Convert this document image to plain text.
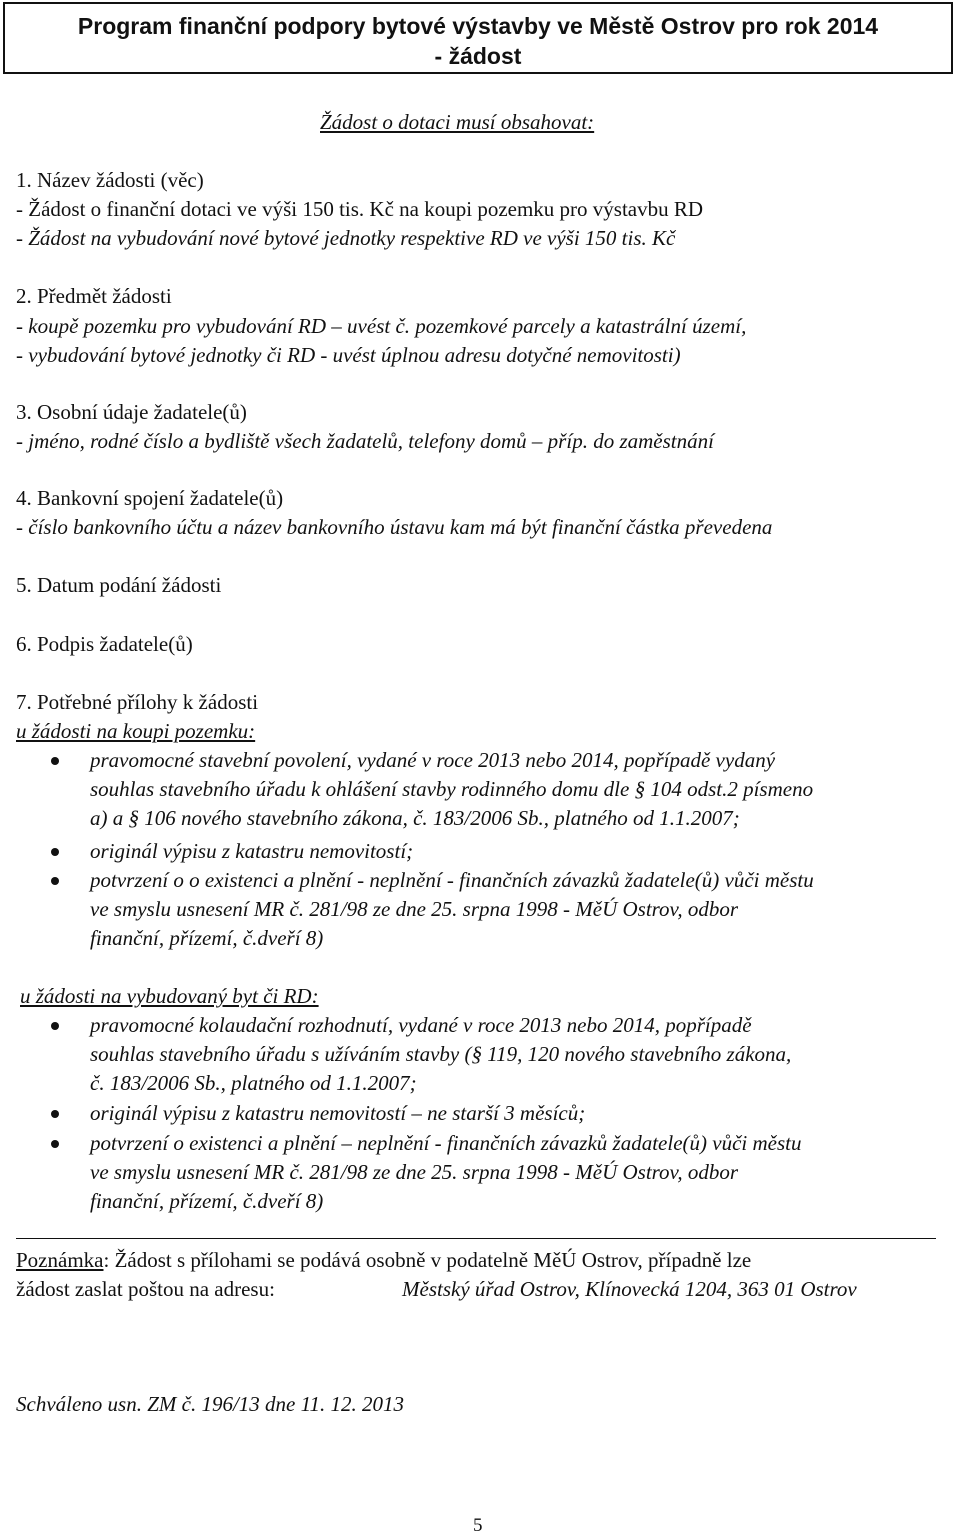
Program finanční podpory bytové výstavby ve Městě Ostrov pro rok 2014
- žádost
Žádost o dotaci musí obsahovat:
1. Název žádosti (věc)
- Žádost o finanční dotaci ve výši 150 tis. Kč na koupi pozemku pro výstavbu RD
- Žádost na vybudování nové bytové jednotky respektive RD ve výši 150 tis. Kč
2. Předmět žádosti
- koupě pozemku pro vybudování RD – uvést č. pozemkové parcely a katastrální území,
- vybudování bytové jednotky či RD - uvést úplnou adresu dotyčné nemovitosti)
3. Osobní údaje žadatele(ů)
- jméno, rodné číslo a bydliště všech žadatelů, telefony domů – příp. do zaměstnání
4. Bankovní spojení žadatele(ů)
- číslo bankovního účtu a název bankovního ústavu kam má být finanční částka převedena
5. Datum podání žádosti
6. Podpis žadatele(ů)
7. Potřebné přílohy k žádosti
u žádosti na koupi pozemku:
pravomocné stavební povolení, vydané v roce 2013 nebo 2014, popřípadě vydaný
souhlas stavebního úřadu k ohlášení stavby rodinného domu dle § 104 odst.2 písmeno
a) a § 106 nového stavebního zákona, č. 183/2006 Sb., platného od 1.1.2007;
originál výpisu z katastru nemovitostí;
potvrzení o o existenci a plnění - neplnění - finančních závazků žadatele(ů) vůči městu
ve smyslu usnesení MR č. 281/98 ze dne 25. srpna 1998 - MěÚ Ostrov, odbor
finanční, přízemí, č.dveří 8)
u žádosti na vybudovaný byt či RD:
pravomocné kolaudační rozhodnutí, vydané v roce 2013 nebo 2014, popřípadě
souhlas stavebního úřadu s užíváním stavby (§ 119, 120 nového stavebního zákona,
č. 183/2006 Sb., platného od 1.1.2007;
originál výpisu z katastru nemovitostí – ne starší 3 měsíců;
potvrzení o existenci a plnění – neplnění - finančních závazků žadatele(ů) vůči městu
ve smyslu usnesení MR č. 281/98 ze dne 25. srpna 1998 - MěÚ Ostrov, odbor
finanční, přízemí, č.dveří 8)
Poznámka: Žádost s přílohami se podává osobně v podatelně MěÚ Ostrov, případně lze
žádost zaslat poštou na adresu:	Městský úřad Ostrov, Klínovecká 1204, 363 01 Ostrov
Schváleno usn. ZM č. 196/13 dne 11. 12. 2013
5
